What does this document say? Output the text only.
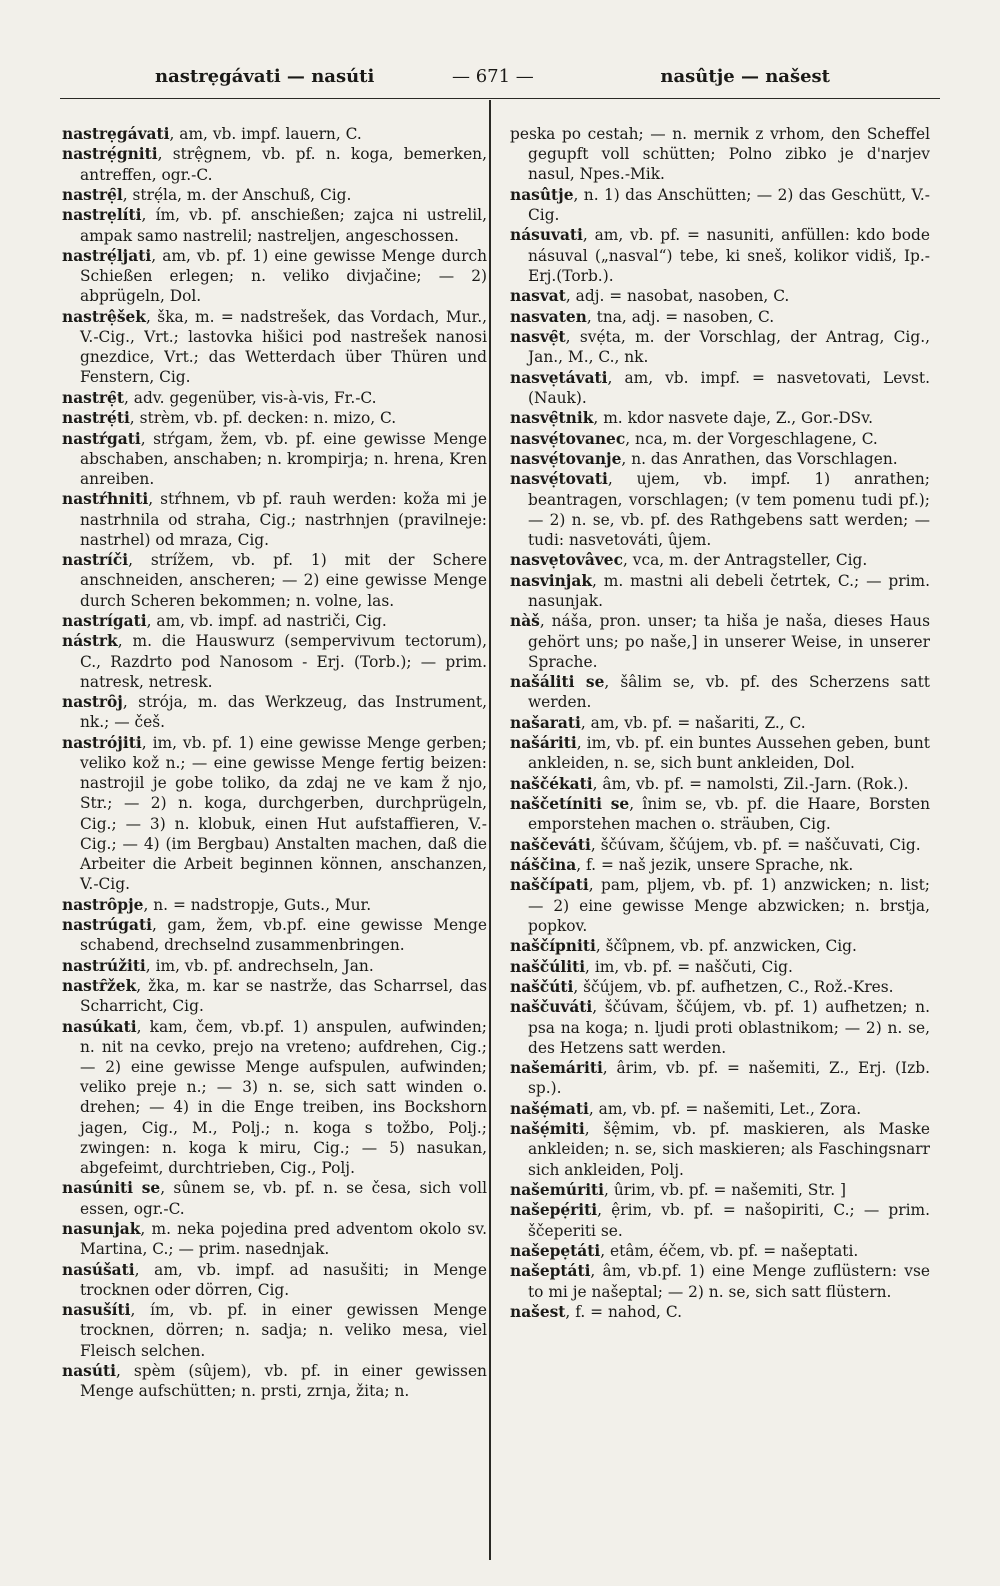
nastrẹgávati — nasúti	— 671 —	nasûtje — našest

nastrẹgávati , am, vb. impf. lauern, C.

nastrẹ́gniti , strệgnem, vb. pf. n. koga, bemerken, antreffen, ogr.-C.

nastrẹ̑l , strẹ́la, m. der Anschuß, Cig.

nastrẹlíti , ím, vb. pf. anschießen; zajca ni ustrelil, ampak samo nastrelil; nastreljen, angeschossen.

nastrẹ́ljati , am, vb. pf. 1) eine gewisse Menge durch Schießen erlegen; n. veliko divjačine; — 2) abprügeln, Dol.

nastrệšek , ška, m. = nadstrešek, das Vordach, Mur., V.-Cig., Vrt.; lastovka hišici pod nastrešek nanosi gnezdice, Vrt.; das Wetterdach über Thüren und Fenstern, Cig.

nastrẹ̑t , adv. gegenüber, vis-à-vis, Fr.-C.

nastrẹ́ti , strèm, vb. pf. decken: n. mizo, C.

nastŕgati , stŕgam, žem, vb. pf. eine gewisse Menge abschaben, anschaben; n. krompirja; n. hrena, Kren anreiben.

nastŕhniti , stŕhnem, vb pf. rauh werden: koža mi je nastrhnila od straha, Cig.; nastrhnjen (pravilneje: nastrhel) od mraza, Cig.

nastríči , strížem, vb. pf. 1) mit der Schere anschneiden, anscheren; — 2) eine gewisse Menge durch Scheren bekommen; n. volne, las.

nastrígati , am, vb. impf. ad nastriči, Cig.

nástrk , m. die Hauswurz (sempervivum tectorum), C., Razdrto pod Nanosom - Erj. (Torb.); — prim. natresk, netresk.

nastrȏj , strója, m. das Werkzeug, das Instrument, nk.; — češ.

nastrójiti , im, vb. pf. 1) eine gewisse Menge gerben; veliko kož n.; — eine gewisse Menge fertig beizen: nastrojil je gobe toliko, da zdaj ne ve kam ž njo, Str.; — 2) n. koga, durchgerben, durchprügeln, Cig.; — 3) n. klobuk, einen Hut aufstaffieren, V.-Cig.; — 4) (im Bergbau) Anstalten machen, daß die Arbeiter die Arbeit beginnen können, anschanzen, V.-Cig.

nastrȏpje , n. = nadstropje, Guts., Mur.

nastrúgati , gam, žem, vb.pf. eine gewisse Menge schabend, drechselnd zusammenbringen.

nastrúžiti , im, vb. pf. andrechseln, Jan.

nastȓžek , žka, m. kar se nastrže, das Scharrsel, das Scharricht, Cig.

nasúkati , kam, čem, vb.pf. 1) anspulen, aufwinden; n. nit na cevko, prejo na vreteno; aufdrehen, Cig.; — 2) eine gewisse Menge aufspulen, aufwinden; veliko preje n.; — 3) n. se, sich satt winden o. drehen; — 4) in die Enge treiben, ins Bockshorn jagen, Cig., M., Polj.; n. koga s tožbo, Polj.; zwingen: n. koga k miru, Cig.; — 5) nasukan, abgefeimt, durchtrieben, Cig., Polj.

nasúniti se , sûnem se, vb. pf. n. se česa, sich voll essen, ogr.-C.

nasunjak , m. neka pojedina pred adventom okolo sv. Martina, C.; — prim. nasednjak.

nasúšati , am, vb. impf. ad nasušiti; in Menge trocknen oder dörren, Cig.

nasušíti , ím, vb. pf. in einer gewissen Menge trocknen, dörren; n. sadja; n. veliko mesa, viel Fleisch selchen.

nasúti , spèm (sûjem), vb. pf. in einer gewissen Menge aufschütten; n. prsti, zrnja, žita; n.

peska po cestah; — n. mernik z vrhom, den Scheffel gegupft voll schütten; Polno zibko je d'narjev nasul, Npes.-Mik.

nasûtje , n. 1) das Anschütten; — 2) das Geschütt, V.-Cig.

násuvati , am, vb. pf. = nasuniti, anfüllen: kdo bode násuval („nasval“) tebe, ki sneš, kolikor vidiš, Ip.-Erj.(Torb.).

nasvat , adj. = nasobat, nasoben, C.

nasvaten , tna, adj. = nasoben, C.

nasvẹ̑t , svẹ́ta, m. der Vorschlag, der Antrag, Cig., Jan., M., C., nk.

nasvẹtávati , am, vb. impf. = nasvetovati, Levst.(Nauk).

nasvẹ̑tnik , m. kdor nasvete daje, Z., Gor.-DSv.

nasvẹ́tovanec , nca, m. der Vorgeschlagene, C.

nasvẹ́tovanje , n. das Anrathen, das Vorschlagen.

nasvẹ́tovati , ujem, vb. impf. 1) anrathen; beantragen, vorschlagen; (v tem pomenu tudi pf.); — 2) n. se, vb. pf. des Rathgebens satt werden; — tudi: nasvetováti, ûjem.

nasvẹtovâvec , vca, m. der Antragsteller, Cig.

nasvinjak , m. mastni ali debeli četrtek, C.; — prim. nasunjak.

nàš , náša, pron. unser; ta hiša je naša, dieses Haus gehört uns; po naše,] in unserer Weise, in unserer Sprache.

našáliti se , šâlim se, vb. pf. des Scherzens satt werden.

našarati , am, vb. pf. = našariti, Z., C.

našáriti , im, vb. pf. ein buntes Aussehen geben, bunt ankleiden, n. se, sich bunt ankleiden, Dol.

naščékati , âm, vb. pf. = namolsti, Zil.-Jarn. (Rok.).

naščetíniti se , înim se, vb. pf. die Haare, Borsten emporstehen machen o. sträuben, Cig.

naščeváti , ščúvam, ščújem, vb. pf. = naščuvati, Cig.

náščina , f. = naš jezik, unsere Sprache, nk.

naščípati , pam, pljem, vb. pf. 1) anzwicken; n. list; — 2) eine gewisse Menge abzwicken; n. brstja, popkov.

naščípniti , ščîpnem, vb. pf. anzwicken, Cig.

naščúliti , im, vb. pf. = naščuti, Cig.

naščúti , ščújem, vb. pf. aufhetzen, C., Rož.-Kres.

naščuváti , ščúvam, ščújem, vb. pf. 1) aufhetzen; n. psa na koga; n. ljudi proti oblastnikom; — 2) n. se, des Hetzens satt werden.

našemáriti , ârim, vb. pf. = našemiti, Z., Erj. (Izb. sp.).

našẹ́mati , am, vb. pf. = našemiti, Let., Zora.

našẹ́miti , šệmim, vb. pf. maskieren, als Maske ankleiden; n. se, sich maskieren; als Faschingsnarr sich ankleiden, Polj.

našemúriti , ûrim, vb. pf. = našemiti, Str. ]

našepẹ́riti , ệrim, vb. pf. = našopiriti, C.; — prim. ščeperiti se.

našepẹtáti , etâm, éčem, vb. pf. = našeptati.

našeptáti , âm, vb.pf. 1) eine Menge zuflüstern: vse to mi je našeptal; — 2) n. se, sich satt flüstern.

našest , f. = nahod, C.
